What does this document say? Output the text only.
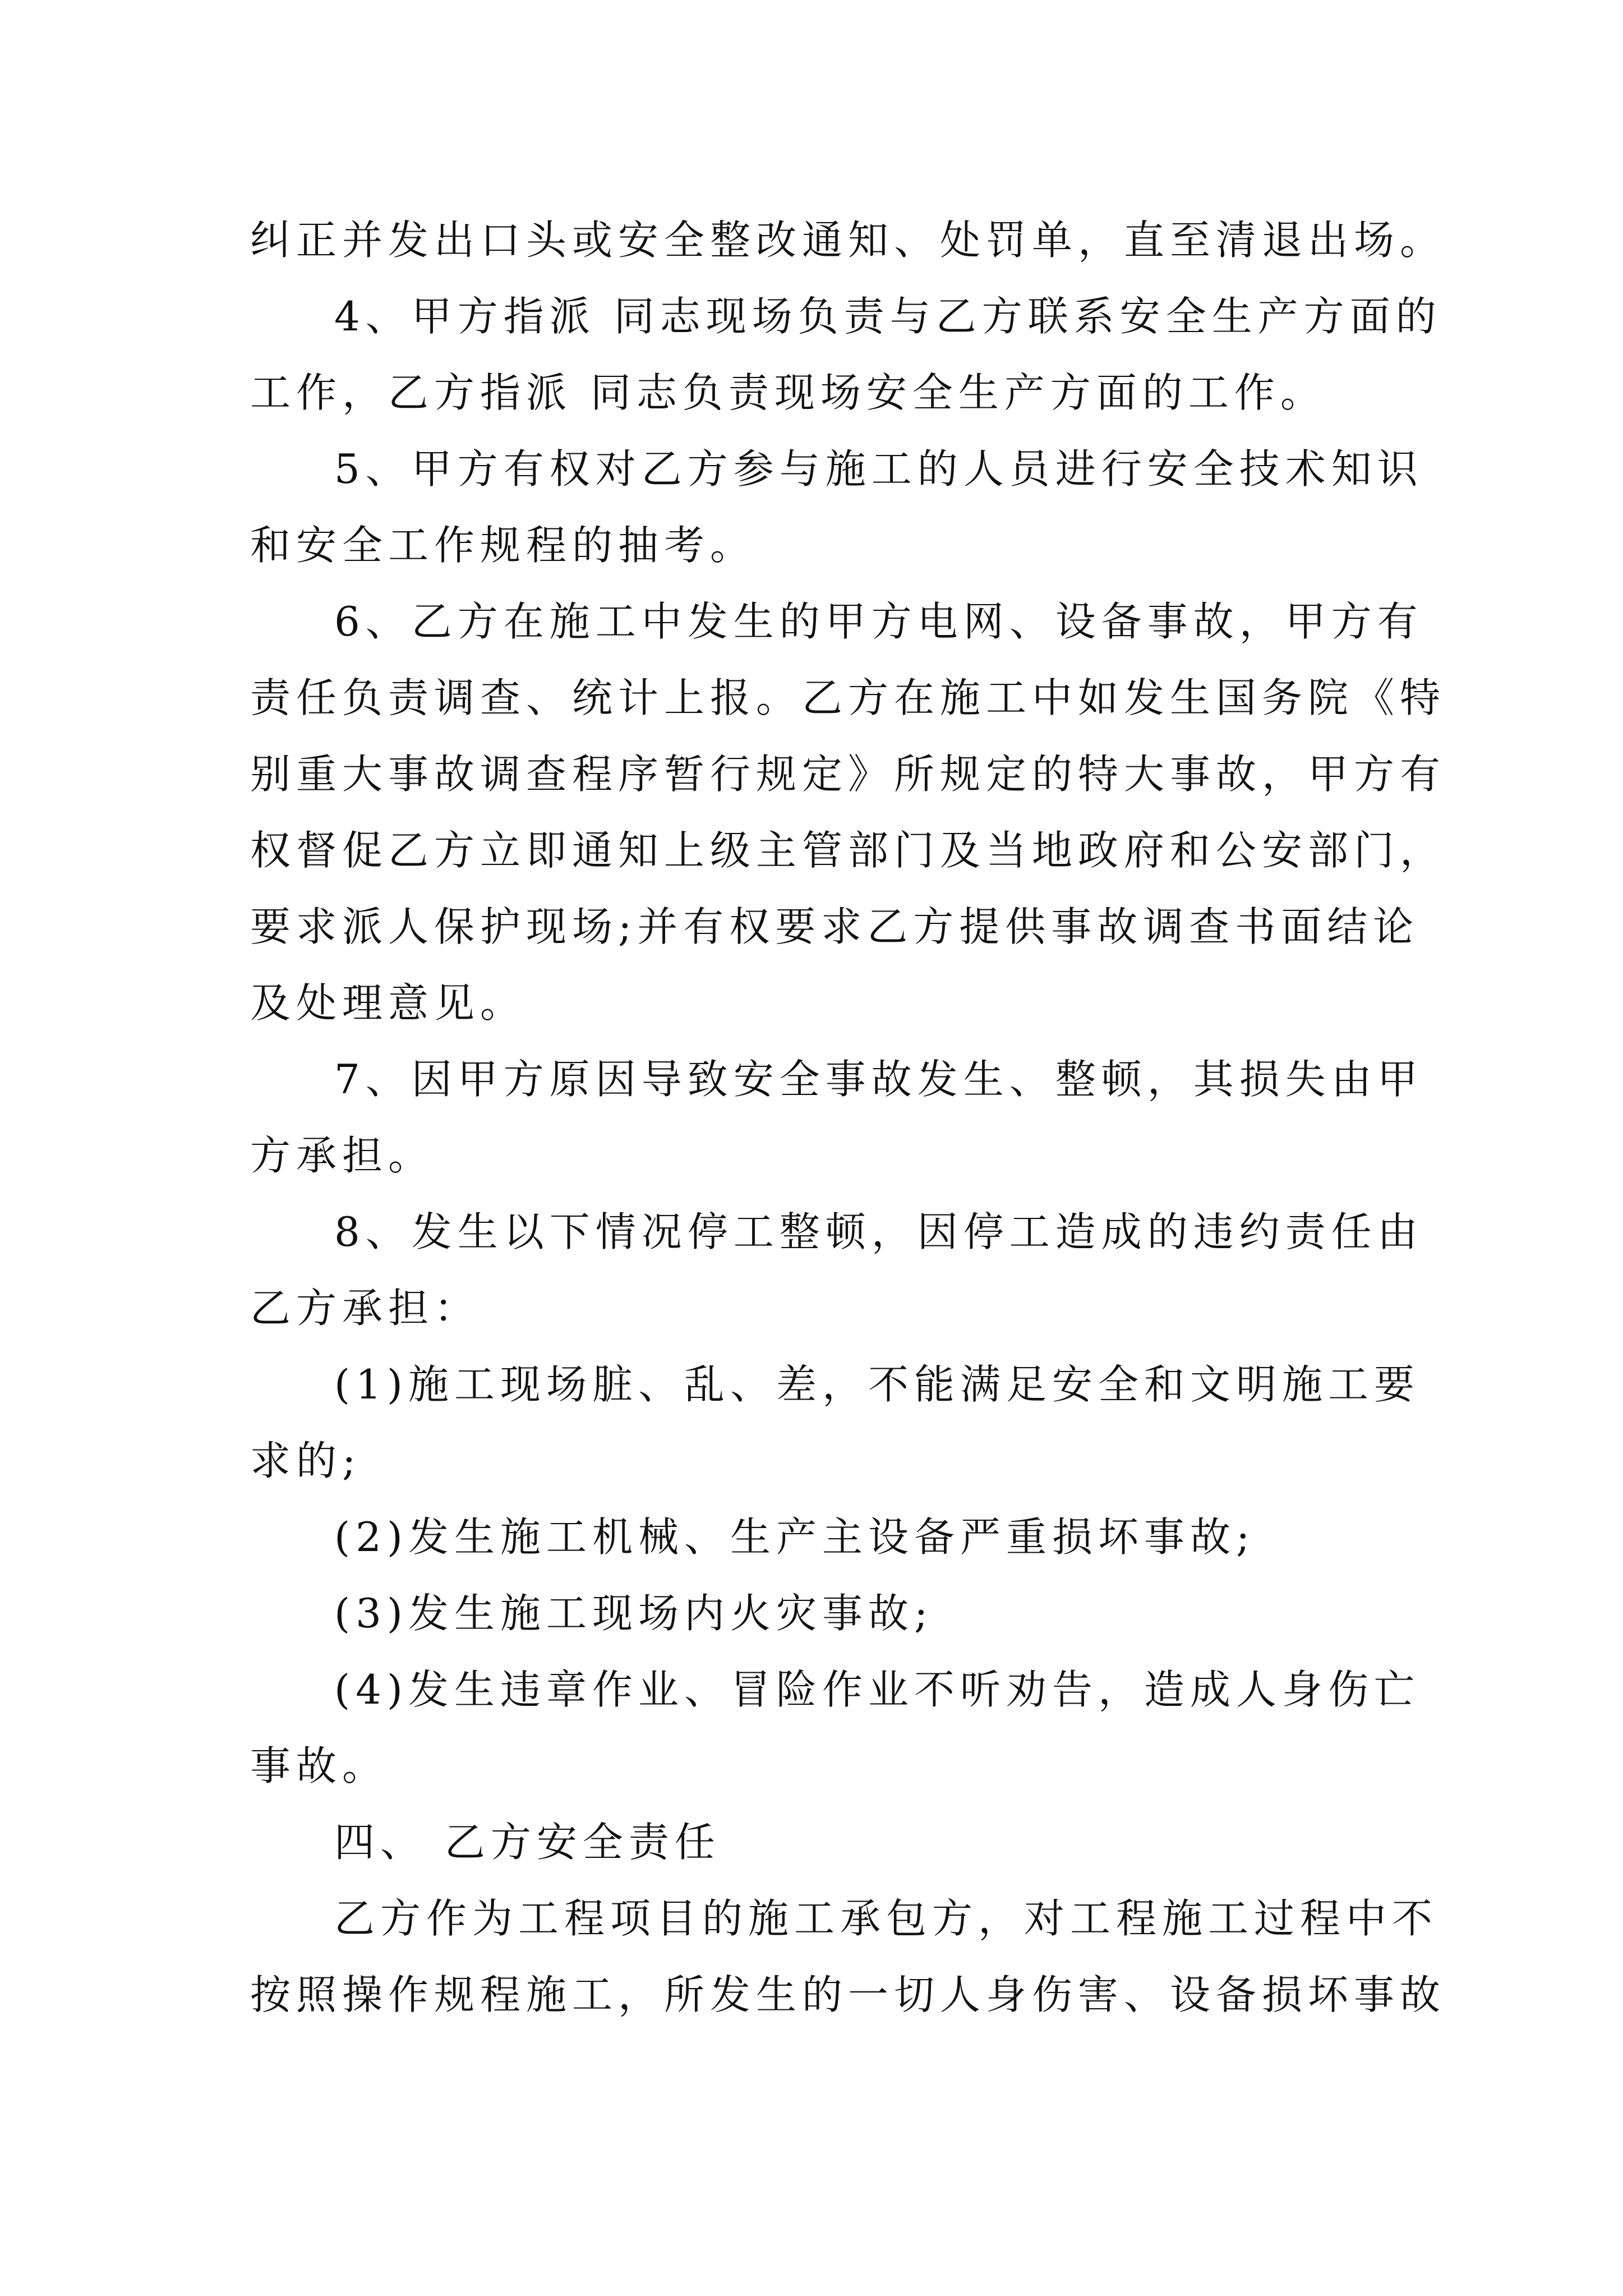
纠正并发出口头或安全整改通知、处罚单，直至清退出场。
4、甲方指派 同志现场负责与乙方联系安全生产方面的
工作，乙方指派 同志负责现场安全生产方面的工作。
5、甲方有权对乙方参与施工的人员进行安全技术知识
和安全工作规程的抽考。
6、乙方在施工中发生的甲方电网、设备事故，甲方有
责任负责调查、统计上报。乙方在施工中如发生国务院《特
别重大事故调查程序暂行规定》所规定的特大事故，甲方有
权督促乙方立即通知上级主管部门及当地政府和公安部门，
要求派人保护现场;并有权要求乙方提供事故调查书面结论
及处理意见。
7、因甲方原因导致安全事故发生、整顿，其损失由甲
方承担。
8、发生以下情况停工整顿，因停工造成的违约责任由
乙方承担：
(1)施工现场脏、乱、差，不能满足安全和文明施工要
求的;
(2)发生施工机械、生产主设备严重损坏事故;
(3)发生施工现场内火灾事故;
(4)发生违章作业、冒险作业不听劝告，造成人身伤亡
事故。
四、 乙方安全责任
乙方作为工程项目的施工承包方，对工程施工过程中不
按照操作规程施工，所发生的一切人身伤害、设备损坏事故
